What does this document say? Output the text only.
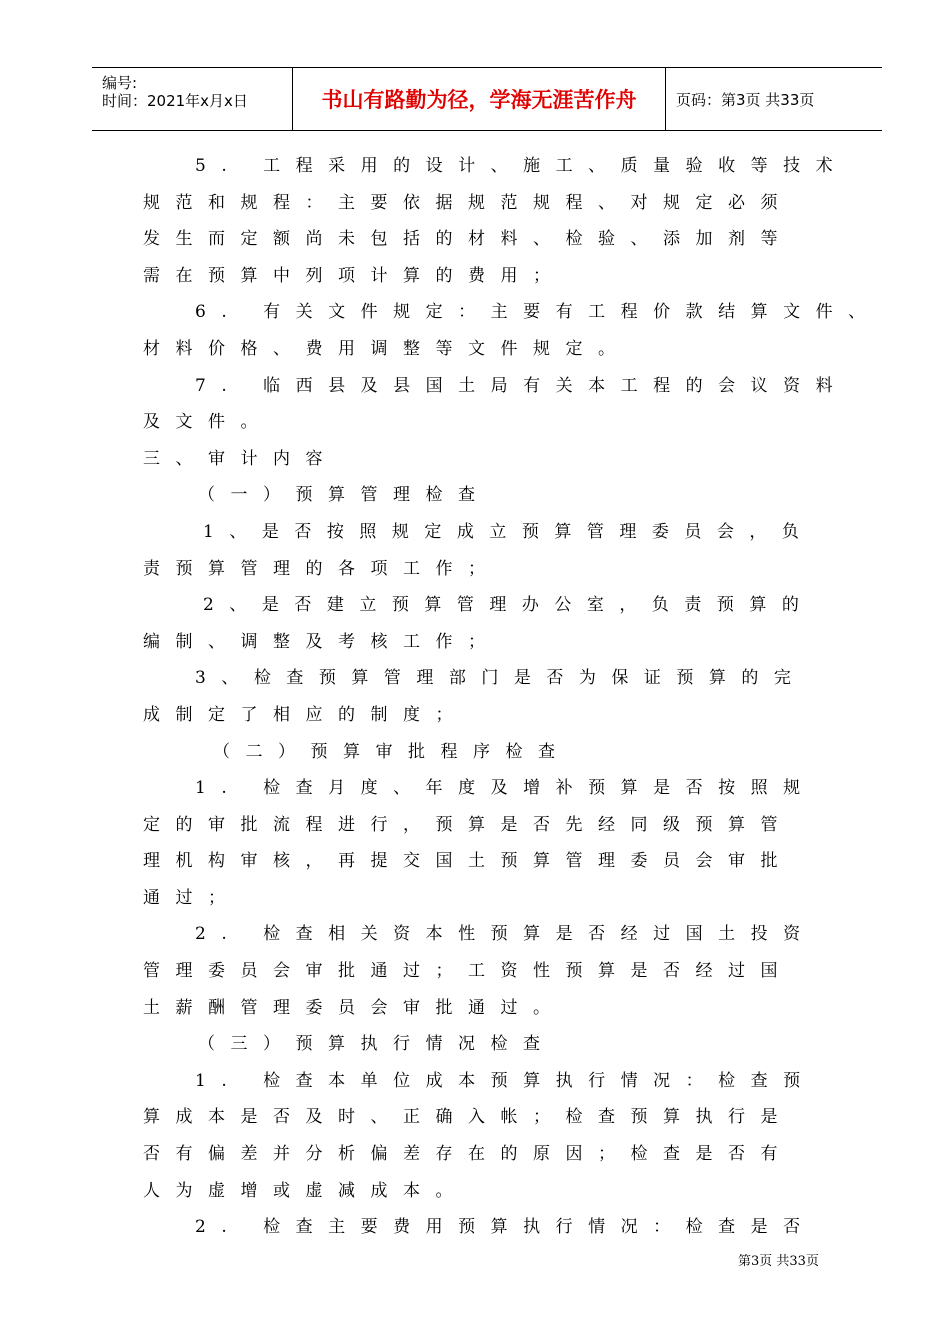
编号:
时间：2021年x月x日	书山有路勤为径，学海无涯苦作舟	页码：第3页 共33页
5. 工程采用的设计、施工、质量验收等技术
规范和规程：主要依据规范规程、对规定必须
发生而定额尚未包括的材料、检验、添加剂等
需在预算中列项计算的费用；
6. 有关文件规定：主要有工程价款结算文件、
材料价格、费用调整等文件规定。
7. 临西县及县国土局有关本工程的会议资料
及文件。
三、审计内容
（一）预算管理检查
1、是否按照规定成立预算管理委员会，负
责预算管理的各项工作；
2、是否建立预算管理办公室，负责预算的
编制、调整及考核工作；
3、检查预算管理部门是否为保证预算的完
成制定了相应的制度；
（二）预算审批程序检查
1. 检查月度、年度及增补预算是否按照规
定的审批流程进行，预算是否先经同级预算管
理机构审核，再提交国土预算管理委员会审批
通过；
2. 检查相关资本性预算是否经过国土投资
管理委员会审批通过；工资性预算是否经过国
土薪酬管理委员会审批通过。
（三）预算执行情况检查
1. 检查本单位成本预算执行情况：检查预
算成本是否及时、正确入帐；检查预算执行是
否有偏差并分析偏差存在的原因；检查是否有
人为虚增或虚减成本。
2. 检查主要费用预算执行情况：检查是否
第3页 共33页
